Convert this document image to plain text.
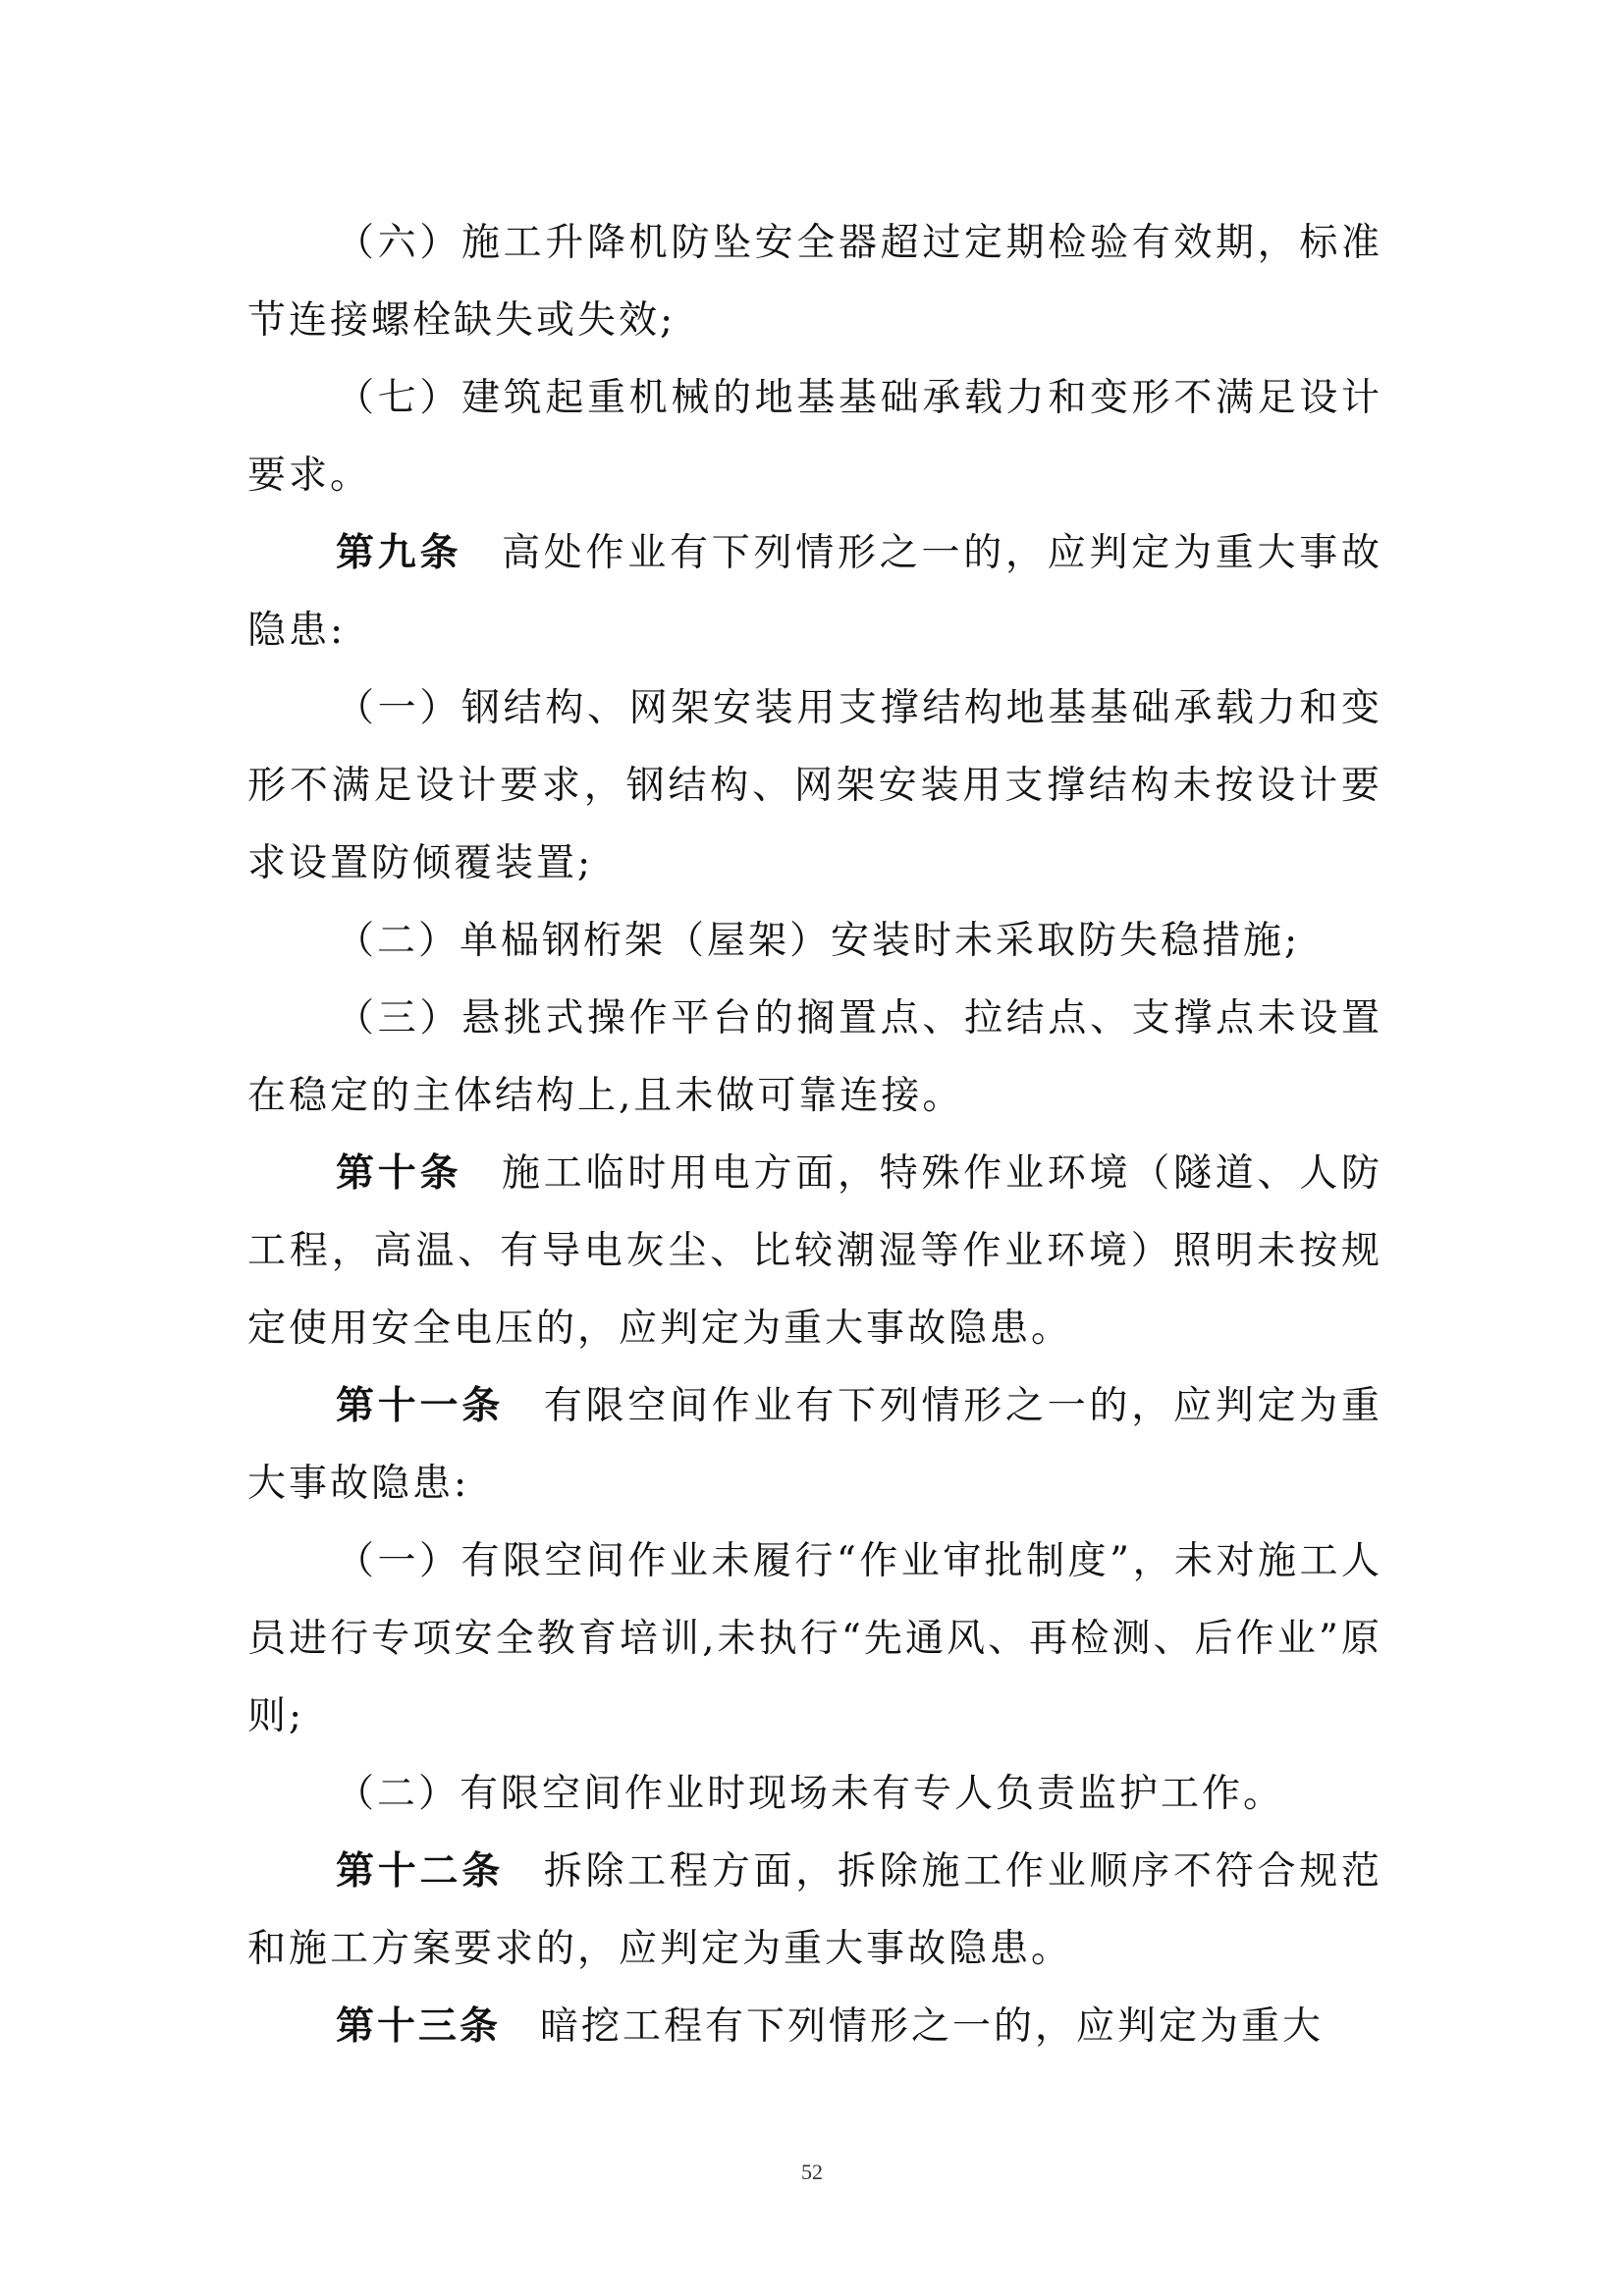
（六）施工升降机防坠安全器超过定期检验有效期，标准节连接螺栓缺失或失效;

（七）建筑起重机械的地基基础承载力和变形不满足设计要求。

第九条 高处作业有下列情形之一的，应判定为重大事故隐患:

（一）钢结构、网架安装用支撑结构地基基础承载力和变形不满足设计要求，钢结构、网架安装用支撑结构未按设计要求设置防倾覆装置;

（二）单榀钢桁架（屋架）安装时未采取防失稳措施;

（三）悬挑式操作平台的搁置点、拉结点、支撑点未设置在稳定的主体结构上,且未做可靠连接。

第十条 施工临时用电方面，特殊作业环境（隧道、人防工程，高温、有导电灰尘、比较潮湿等作业环境）照明未按规定使用安全电压的，应判定为重大事故隐患。

第十一条 有限空间作业有下列情形之一的，应判定为重大事故隐患:

（一）有限空间作业未履行“作业审批制度”，未对施工人员进行专项安全教育培训,未执行“先通风、再检测、后作业”原则;

（二）有限空间作业时现场未有专人负责监护工作。

第十二条 拆除工程方面，拆除施工作业顺序不符合规范和施工方案要求的，应判定为重大事故隐患。

第十三条 暗挖工程有下列情形之一的，应判定为重大

52
